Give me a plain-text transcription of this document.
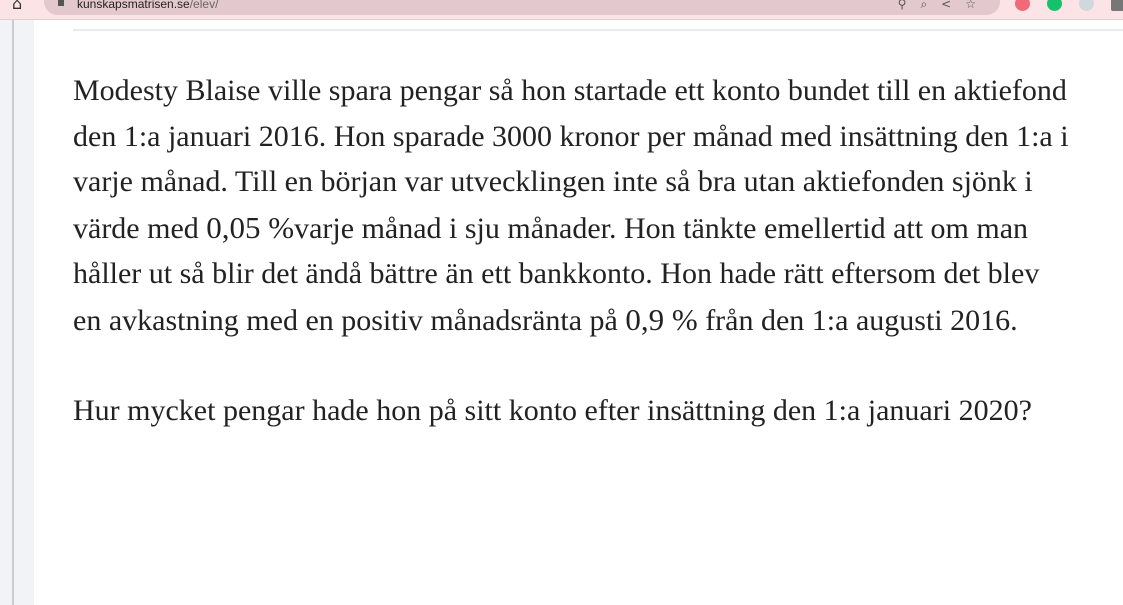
⌂	kunskapsmatrisen.se/elev/	⚲⌕<☆

Modesty Blaise ville spara pengar så hon startade ett konto bundet till en aktiefond den 1:a januari 2016. Hon sparade 3000 kronor per månad med insättning den 1:a i varje månad. Till en början var utvecklingen inte så bra utan aktiefonden sjönk i värde med 0,05 %varje månad i sju månader. Hon tänkte emellertid att om man håller ut så blir det ändå bättre än ett bankkonto. Hon hade rätt eftersom det blev en avkastning med en positiv månadsränta på 0,9 % från den 1:a augusti 2016.

Hur mycket pengar hade hon på sitt konto efter insättning den 1:a januari 2020?
